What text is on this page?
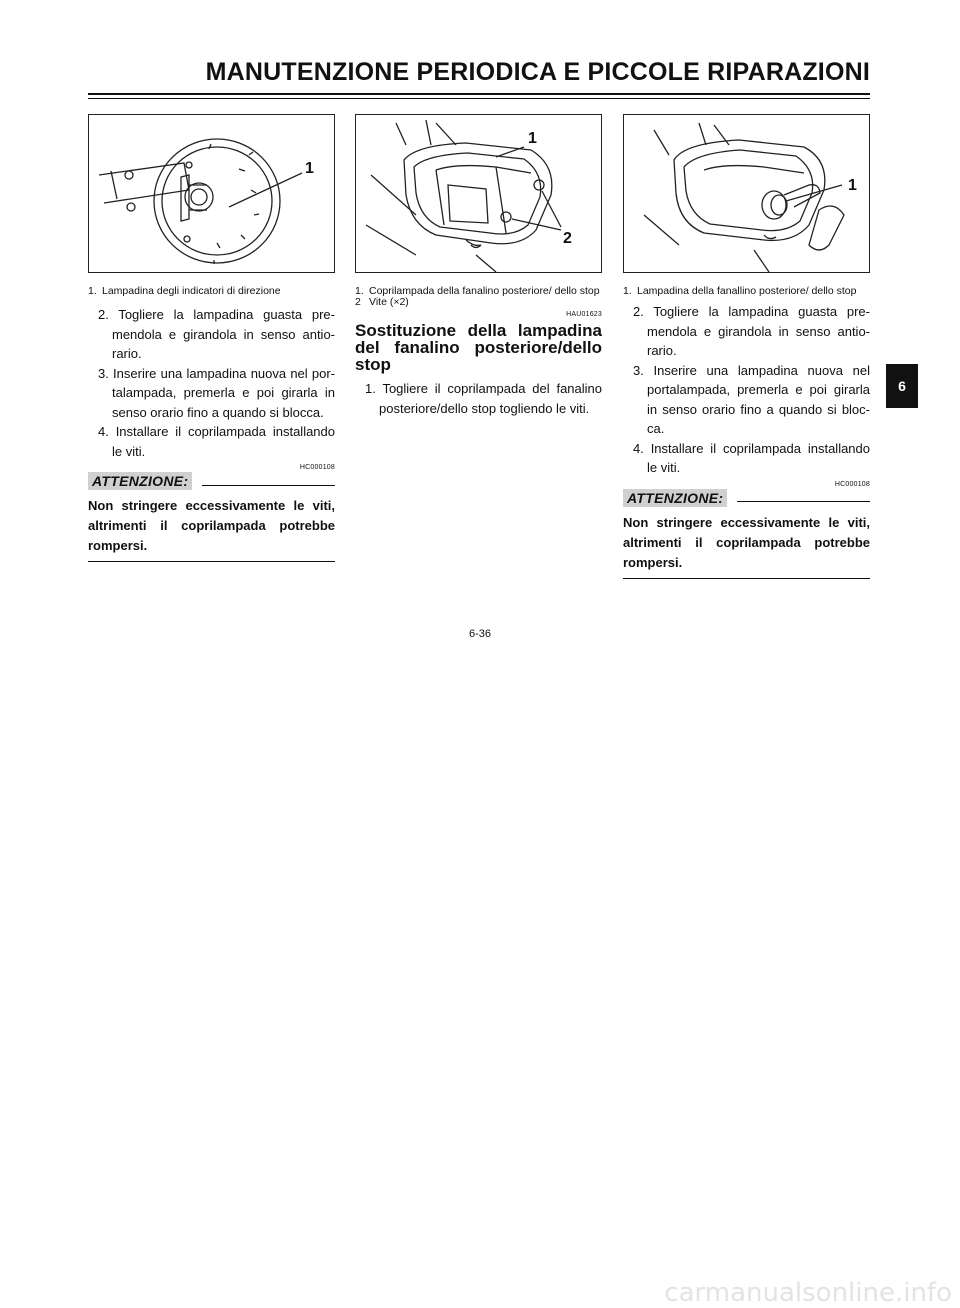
MANUTENZIONE PERIODICA E PICCOLE RIPARAZIONI
1
1. Lampadina degli indicatori di direzione
2. Togliere la lampadina guasta pre- mendola e girandola in senso antio- rario.
3. Inserire una lampadina nuova nel por- talampada, premerla e poi girarla in senso orario fino a quando si blocca.
4. Installare il coprilampada installando le viti.
HC000108
ATTENZIONE:
Non stringere eccessivamente le viti, altrimenti il coprilampada potrebbe rompersi.
1
2
1. Coprilampada della fanalino posteriore/ dello stop
2 Vite (×2)
HAU01623
Sostituzione della lampadina del fanalino posteriore/dello stop
1. Togliere il coprilampada del fanalino posteriore/dello stop togliendo le viti.
1
1. Lampadina della fanallino posteriore/ dello stop
2. Togliere la lampadina guasta pre- mendola e girandola in senso antio- rario.
3. Inserire una lampadina nuova nel portalampada, premerla e poi girarla in senso orario fino a quando si bloc- ca.
4. Installare il coprilampada installando le viti.
HC000108
ATTENZIONE:
Non stringere eccessivamente le viti, altrimenti il coprilampada potrebbe rompersi.
6-36
6
carmanualsonline.info
